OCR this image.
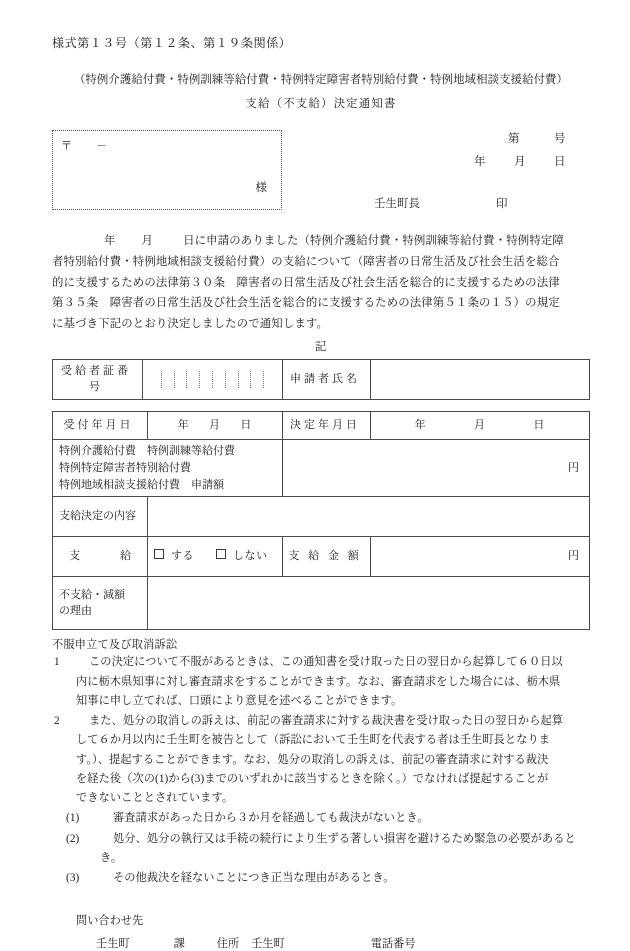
様式第１３号（第１２条、第１９条関係）
（特例介護給付費・特例訓練等給付費・特例特定障害者特別給付費・特例地域相談支援給付費）
支給（不支給）決定通知書
〒 －
様
第	号
年 月 日
壬生町長	印
年 月	日に申請のありました（特例介護給付費・特例訓練等給付費・特例特定障
者特別給付費・特例地域相談支援給付費）の支給について（障害者の日常生活及び社会生活を総合
的に支援するための法律第３０条　障害者の日常生活及び社会生活を総合的に支援するための法律
第３５条　障害者の日常生活及び社会生活を総合的に支援するための法律第５１条の１５）の規定
に基づき下記のとおり決定しましたので通知します。
記
受給者証番号	
	申請者氏名	
受付年月日	年 月 日	決定年月日	年 月 日

特例介護給付費　特例訓練等給付費
特例特定障害者特別給付費
特例地域相談支援給付費　申請額		円	
支給決定の内容			

支 給	する しない	支 給 金 額	円

不支給・減額
の理由			

不服申立て及び取消訴訟
1	この決定について不服があるときは、この通知書を受け取った日の翌日から起算して６０日以
内に栃木県知事に対し審査請求をすることができます。なお、審査請求をした場合には、栃木県
知事に申し立てれば、口頭により意見を述べることができます。
2	また、処分の取消しの訴えは、前記の審査請求に対する裁決書を受け取った日の翌日から起算
して６か月以内に壬生町を被告として（訴訟において壬生町を代表する者は壬生町長となりま
す。）、提起することができます。なお、処分の取消しの訴えは、前記の審査請求に対する裁決
を経た後（次の(1)から(3)までのいずれかに該当するときを除く。）でなければ提起することが
できないこととされています。
(1)	審査請求があった日から３か月を経過しても裁決がないとき。
(2)	処分、処分の執行又は手続の続行により生ずる著しい損害を避けるため緊急の必要があると
き。
(3)	その他裁決を経ないことにつき正当な理由があるとき。
問い合わせ先
壬生町	課	住所 壬生町	電話番号
